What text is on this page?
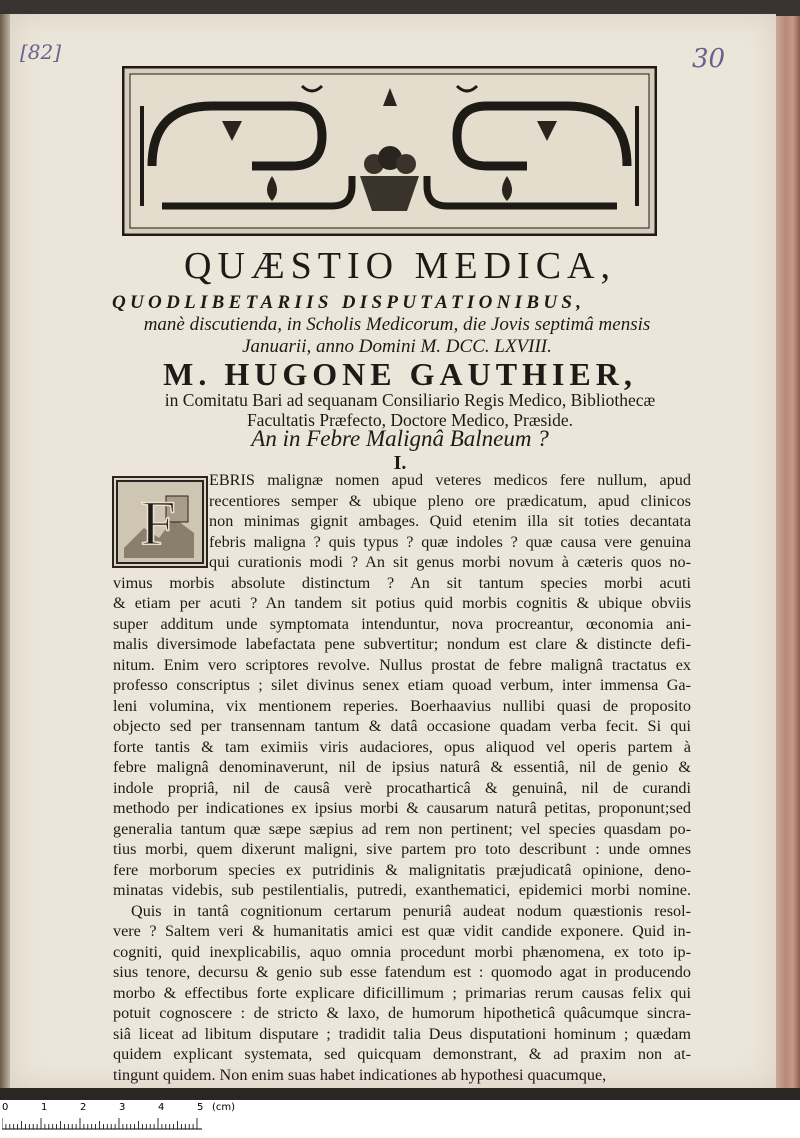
[82]	30
QUÆSTIO MEDICA,
QUODLIBETARIIS DISPUTATIONIBUS,
manè discutienda, in Scholis Medicorum, die Jovis septimâ mensis
Januarii, anno Domini M. DCC. LXVIII.
M. HUGONE GAUTHIER,
in Comitatu Bari ad sequanam Consiliario Regis Medico, Bibliothecæ
Facultatis Præfecto, Doctore Medico, Præside.
An in Febre Malignâ Balneum ?
I.
F
EBRIS malignæ nomen apud veteres medicos fere nullum, apud
recentiores semper & ubique pleno ore prædicatum, apud clinicos
non minimas gignit ambages. Quid etenim illa sit toties decantata
febris maligna ? quis typus ? quæ indoles ? quæ causa vere genuina
qui curationis modi ? An sit genus morbi novum à cæteris quos no-
vimus morbis absolute distinctum ? An sit tantum species morbi acuti
& etiam per acuti ? An tandem sit potius quid morbis cognitis & ubique obviis
super additum unde symptomata intenduntur, nova procreantur, œconomia ani-
malis diversimode labefactata pene subvertitur; nondum est clare & distincte defi-
nitum. Enim vero scriptores revolve. Nullus prostat de febre malignâ tractatus ex
professo conscriptus ; silet divinus senex etiam quoad verbum, inter immensa Ga-
leni volumina, vix mentionem reperies. Boerhaavius nullibi quasi de proposito
objecto sed per transennam tantum & datâ occasione quadam verba fecit. Si qui
forte tantis & tam eximiis viris audaciores, opus aliquod vel operis partem à
febre malignâ denominaverunt, nil de ipsius naturâ & essentiâ, nil de genio &
indole propriâ, nil de causâ verè procatharticâ & genuinâ, nil de curandi
methodo per indicationes ex ipsius morbi & causarum naturâ petitas, proponunt;sed
generalia tantum quæ sæpe sæpius ad rem non pertinent; vel species quasdam po-
tius morbi, quem dixerunt maligni, sive partem pro toto describunt : unde omnes
fere morborum species ex putridinis & malignitatis præjudicatâ opinione, deno-
minatas videbis, sub pestilentialis, putredi, exanthematici, epidemici morbi nomine.
Quis in tantâ cognitionum certarum penuriâ audeat nodum quæstionis resol-
vere ? Saltem veri & humanitatis amici est quæ vidit candide exponere. Quid in-
cogniti, quid inexplicabilis, aquo omnia procedunt morbi phænomena, ex toto ip-
sius tenore, decursu & genio sub esse fatendum est : quomodo agat in producendo
morbo & effectibus forte explicare dificillimum ; primarias rerum causas felix qui
potuit cognoscere : de stricto & laxo, de humorum hipotheticâ quâcumque sincra-
siâ liceat ad libitum disputare ; tradidit talia Deus disputationi hominum ; quædam
quidem explicant systemata, sed quicquam demonstrant, & ad praxim non at-
tingunt quidem. Non enim suas habet indicationes ab hypothesi quacumque,
0	1	2	3	4	5 (cm)
